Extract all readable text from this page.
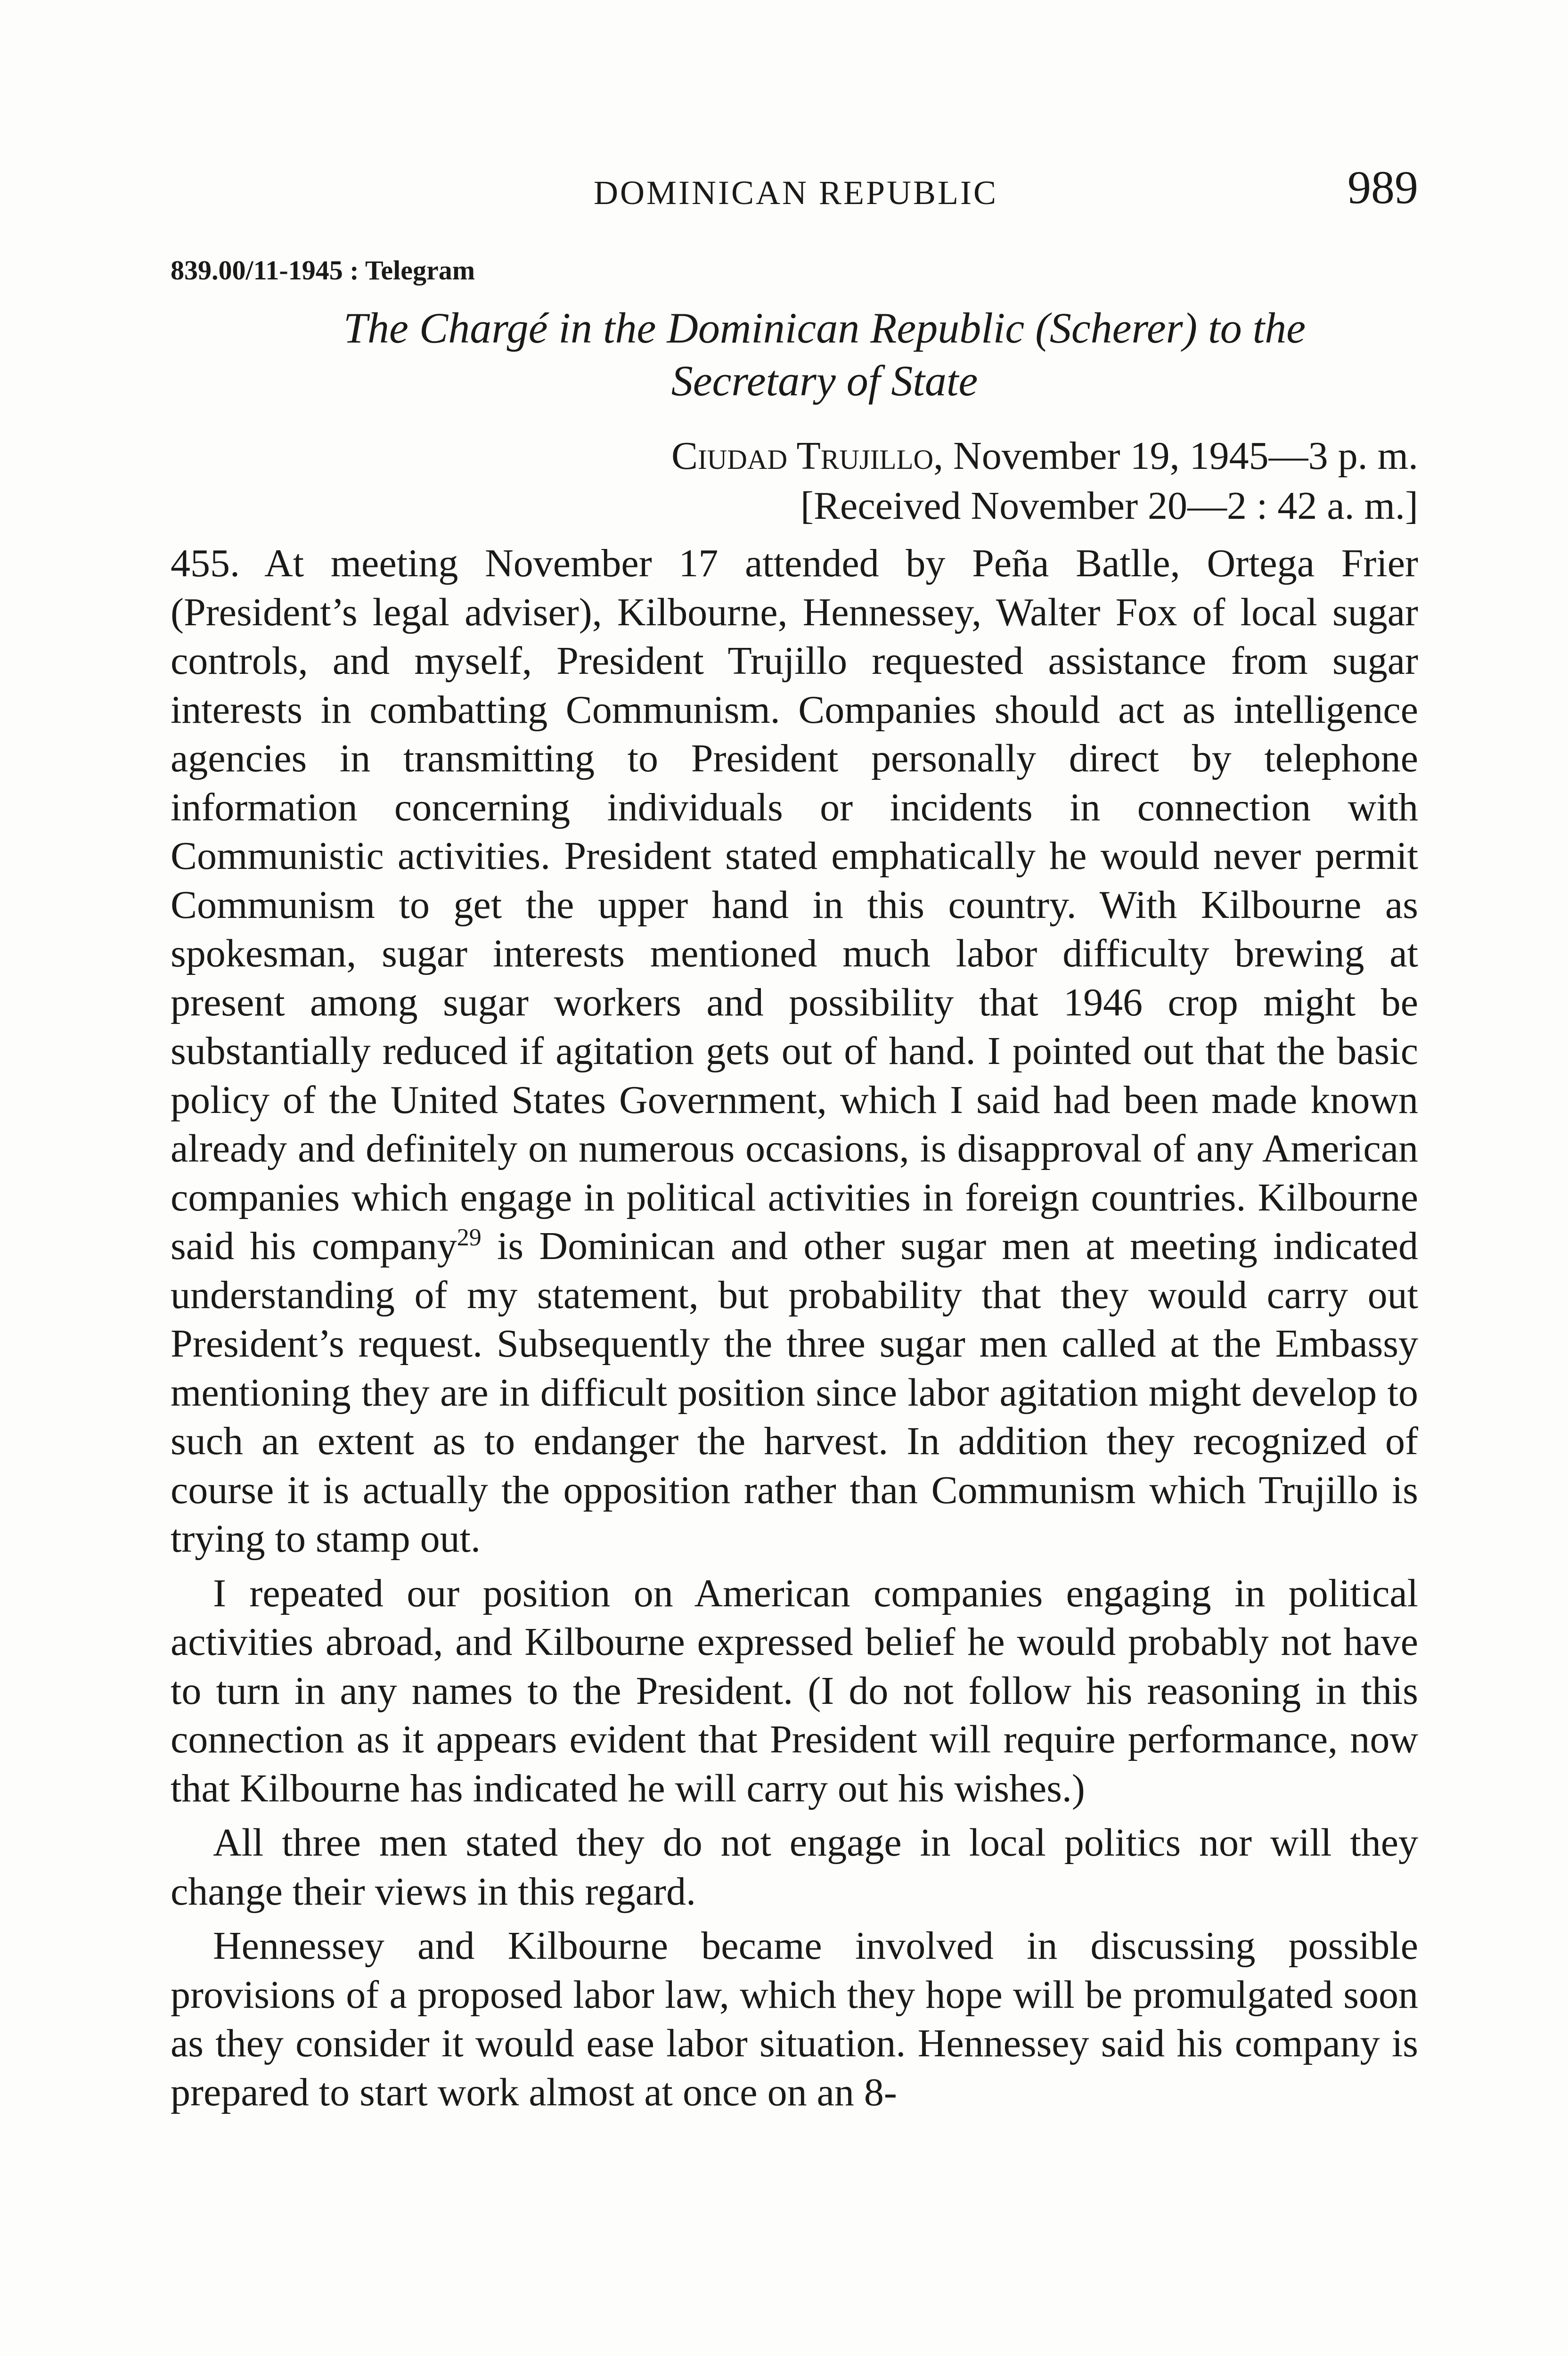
DOMINICAN REPUBLIC	989
839.00/11-1945 : Telegram
The Chargé in the Dominican Republic (Scherer) to the Secretary of State
Ciudad Trujillo, November 19, 1945—3 p. m.
[Received November 20—2 : 42 a. m.]

455. At meeting November 17 attended by Peña Batlle, Ortega Frier (President’s legal adviser), Kilbourne, Hennessey, Walter Fox of local sugar controls, and myself, President Trujillo requested assistance from sugar interests in combatting Communism. Companies should act as intelligence agencies in transmitting to President personally direct by telephone information concerning individuals or incidents in connection with Communistic activities. President stated emphatically he would never permit Communism to get the upper hand in this country. With Kilbourne as spokesman, sugar interests mentioned much labor difficulty brewing at present among sugar workers and possibility that 1946 crop might be substantially reduced if agitation gets out of hand. I pointed out that the basic policy of the United States Government, which I said had been made known already and definitely on numerous occasions, is disapproval of any American companies which engage in political activities in foreign countries. Kilbourne said his company$^{29}$ is Dominican and other sugar men at meeting indicated understanding of my statement, but probability that they would carry out President’s request. Subsequently the three sugar men called at the Embassy mentioning they are in difficult position since labor agitation might develop to such an extent as to endanger the harvest. In addition they recognized of course it is actually the opposition rather than Communism which Trujillo is trying to stamp out.

I repeated our position on American companies engaging in political activities abroad, and Kilbourne expressed belief he would probably not have to turn in any names to the President. (I do not follow his reasoning in this connection as it appears evident that President will require performance, now that Kilbourne has indicated he will carry out his wishes.)

All three men stated they do not engage in local politics nor will they change their views in this regard.

Hennessey and Kilbourne became involved in discussing possible provisions of a proposed labor law, which they hope will be promulgated soon as they consider it would ease labor situation. Hennessey said his company is prepared to start work almost at once on an 8-
